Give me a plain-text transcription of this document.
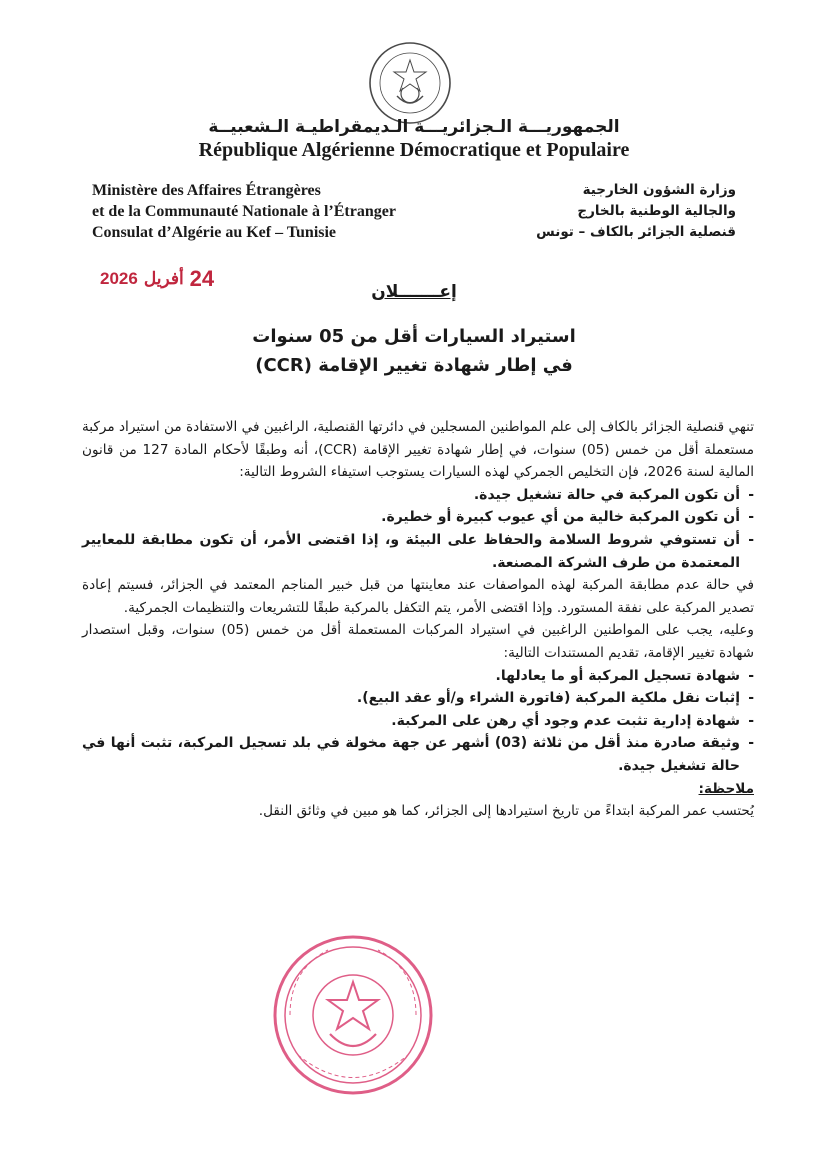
الجمهوريـــة الـجزائريـــة الـديمقراطيـة الـشعبيــة
République Algérienne Démocratique et Populaire
Ministère des Affaires Étrangères
et de la Communauté Nationale à l’Étranger
Consulat d’Algérie au Kef – Tunisie
وزارة الشؤون الخارجية
والجالية الوطنية بالخارج
قنصلية الجزائر بالكاف – تونس
2026 أفريل 24
إعـــــــلان
استيراد السيارات أقل من 05 سنوات
في إطار شهادة تغيير الإقامة (CCR)

تنهي قنصلية الجزائر بالكاف إلى علم المواطنين المسجلين في دائرتها القنصلية، الراغبين في الاستفادة من استيراد مركبة مستعملة أقل من خمس (05) سنوات، في إطار شهادة تغيير الإقامة (CCR)، أنه وطبقًا لأحكام المادة 127 من قانون المالية لسنة 2026، فإن التخليص الجمركي لهذه السيارات يستوجب استيفاء الشروط التالية:

- أن تكون المركبة في حالة تشغيل جيدة.
- أن تكون المركبة خالية من أي عيوب كبيرة أو خطيرة.
- أن تستوفي شروط السلامة والحفاظ على البيئة و، إذا اقتضى الأمر، أن تكون مطابقة للمعايير المعتمدة من طرف الشركة المصنعة.

في حالة عدم مطابقة المركبة لهذه المواصفات عند معاينتها من قبل خبير المناجم المعتمد في الجزائر، فسيتم إعادة تصدير المركبة على نفقة المستورد. وإذا اقتضى الأمر، يتم التكفل بالمركبة طبقًا للتشريعات والتنظيمات الجمركية.

وعليه، يجب على المواطنين الراغبين في استيراد المركبات المستعملة أقل من خمس (05) سنوات، وقبل استصدار شهادة تغيير الإقامة، تقديم المستندات التالية:

- شهادة تسجيل المركبة أو ما يعادلها.
- إثبات نقل ملكية المركبة (فاتورة الشراء و/أو عقد البيع).
- شهادة إدارية تثبت عدم وجود أي رهن على المركبة.
- وثيقة صادرة منذ أقل من ثلاثة (03) أشهر عن جهة مخولة في بلد تسجيل المركبة، تثبت أنها في حالة تشغيل جيدة.
ملاحظة:

يُحتسب عمر المركبة ابتداءً من تاريخ استيرادها إلى الجزائر، كما هو مبين في وثائق النقل.
